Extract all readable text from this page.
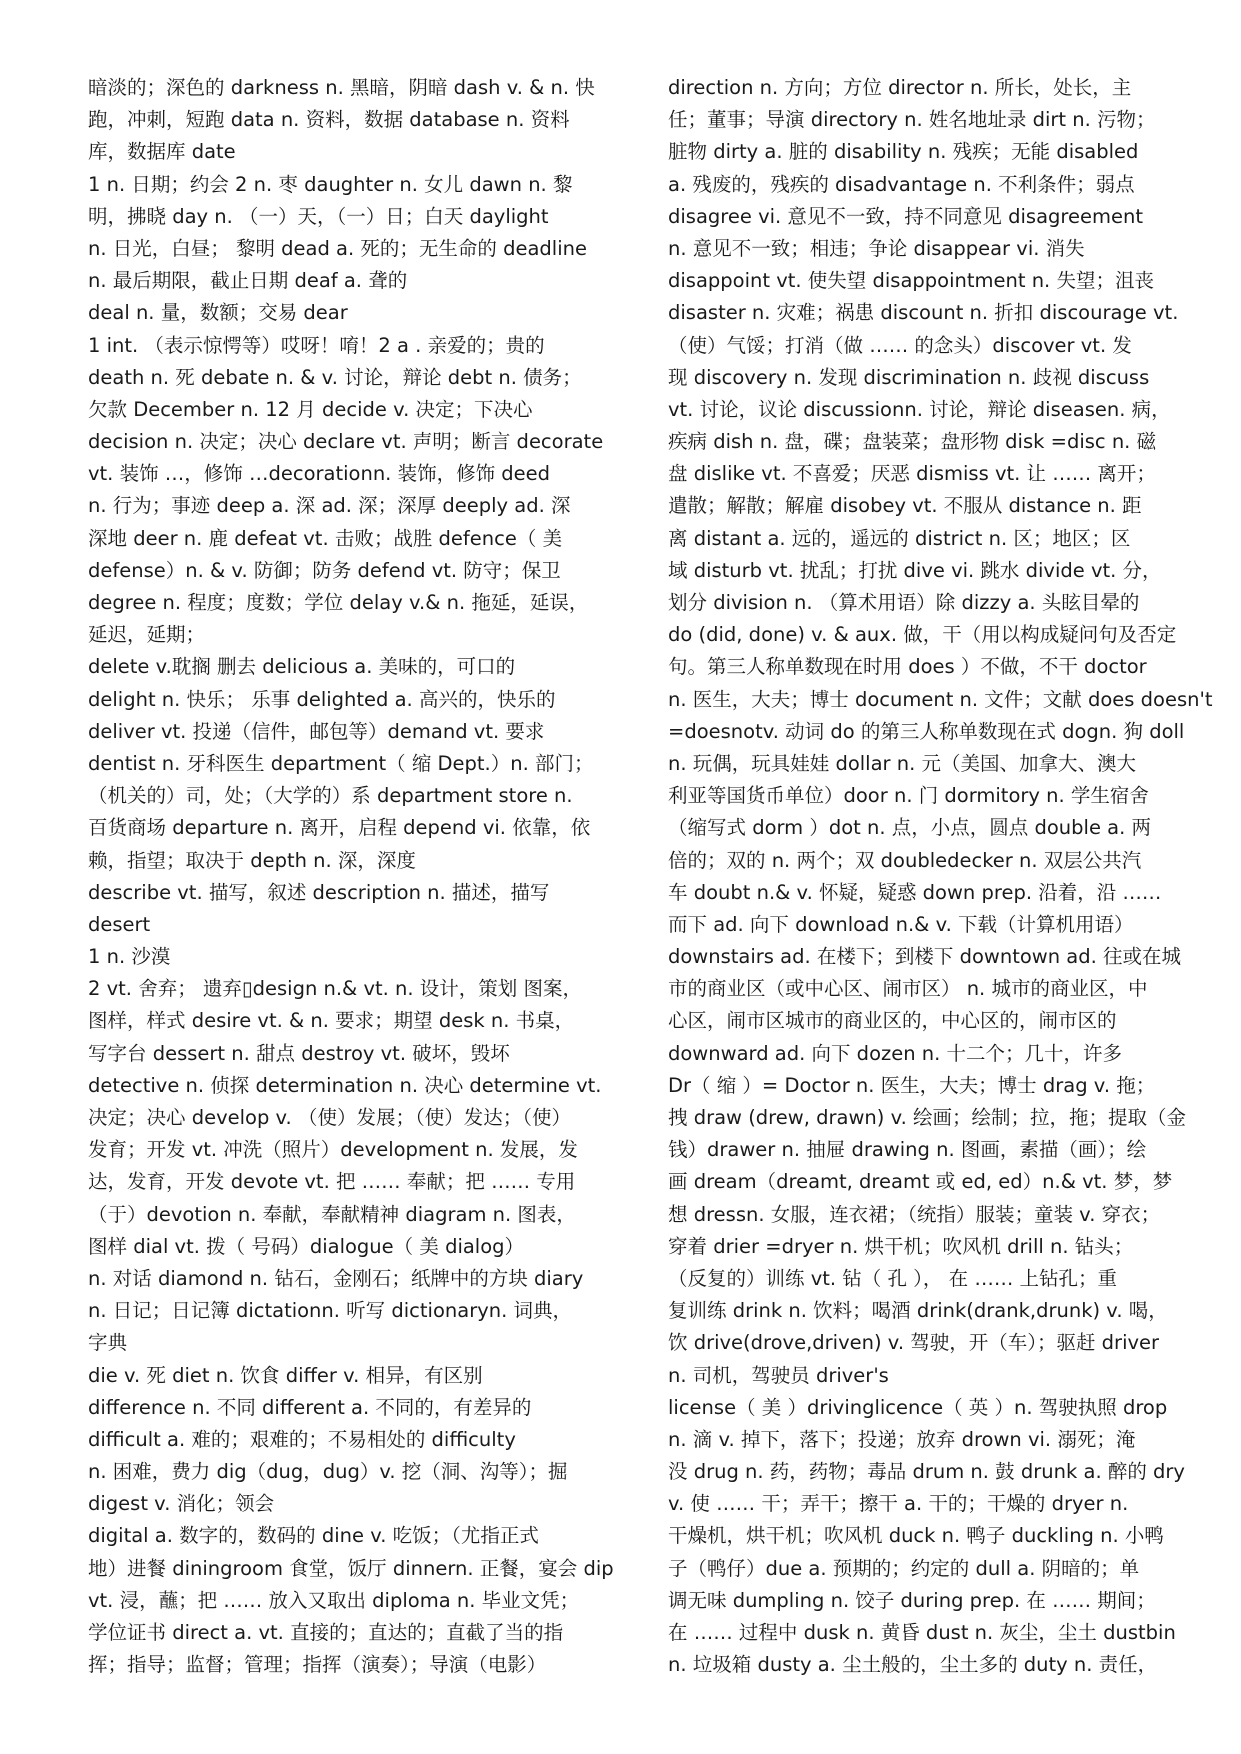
暗淡的；深色的 darkness n. 黑暗，阴暗 dash v. & n. 快
跑，冲刺，短跑 data n. 资料，数据 database n. 资料
库，数据库 date
1 n. 日期；约会 2 n. 枣 daughter n. 女儿 dawn n. 黎
明，拂晓 day n. （一）天，（一）日；白天 daylight
n. 日光，白昼； 黎明 dead a. 死的；无生命的 deadline
n. 最后期限，截止日期 deaf a. 聋的
deal n. 量，数额；交易 dear
1 int. （表示惊愕等）哎呀！唷！2 a . 亲爱的；贵的
death n. 死 debate n. & v. 讨论，辩论 debt n. 债务；
欠款 December n. 12 月 decide v. 决定；下决心
decision n. 决定；决心 declare vt. 声明；断言 decorate
vt. 装饰 …，修饰 …decorationn. 装饰，修饰 deed
n. 行为；事迹 deep a. 深 ad. 深；深厚 deeply ad. 深
深地 deer n. 鹿 defeat vt. 击败；战胜 defence（ 美
defense）n. & v. 防御；防务 defend vt. 防守；保卫
degree n. 程度；度数；学位 delay v.& n. 拖延，延误，
延迟，延期；
delete v.耽搁 删去 delicious a. 美味的，可口的
delight n. 快乐； 乐事 delighted a. 高兴的，快乐的
deliver vt. 投递（信件，邮包等）demand vt. 要求
dentist n. 牙科医生 department（ 缩 Dept.）n. 部门；
（机关的）司，处；（大学的）系 department store n.
百货商场 departure n. 离开，启程 depend vi. 依靠，依
赖，指望；取决于 depth n. 深，深度
describe vt. 描写，叙述 description n. 描述，描写
desert
1 n. 沙漠
2 vt. 舍弃； 遗弃▯design n.& vt. n. 设计，策划 图案，
图样，样式 desire vt. & n. 要求；期望 desk n. 书桌，
写字台 dessert n. 甜点 destroy vt. 破坏，毁坏
detective n. 侦探 determination n. 决心 determine vt.
决定；决心 develop v. （使）发展；（使）发达；（使）
发育；开发 vt. 冲洗（照片）development n. 发展，发
达，发育，开发 devote vt. 把 …… 奉献；把 …… 专用
（于）devotion n. 奉献，奉献精神 diagram n. 图表，
图样 dial vt. 拨（ 号码）dialogue（ 美 dialog）
n. 对话 diamond n. 钻石，金刚石；纸牌中的方块 diary
n. 日记；日记簿 dictationn. 听写 dictionaryn. 词典，
字典
die v. 死 diet n. 饮食 differ v. 相异，有区别
difference n. 不同 different a. 不同的，有差异的
difficult a. 难的；艰难的；不易相处的 difficulty
n. 困难，费力 dig（dug，dug）v. 挖（洞、沟等）；掘
digest v. 消化；领会
digital a. 数字的，数码的 dine v. 吃饭；（尤指正式
地）进餐 diningroom 食堂，饭厅 dinnern. 正餐，宴会 dip
vt. 浸，蘸；把 …… 放入又取出 diploma n. 毕业文凭；
学位证书 direct a. vt. 直接的；直达的；直截了当的指
挥；指导；监督；管理；指挥（演奏）；导演（电影）
direction n. 方向；方位 director n. 所长，处长，主
任；董事；导演 directory n. 姓名地址录 dirt n. 污物；
脏物 dirty a. 脏的 disability n. 残疾；无能 disabled
a. 残废的，残疾的 disadvantage n. 不利条件；弱点
disagree vi. 意见不一致，持不同意见 disagreement
n. 意见不一致；相违；争论 disappear vi. 消失
disappoint vt. 使失望 disappointment n. 失望；沮丧
disaster n. 灾难；祸患 discount n. 折扣 discourage vt.
（使）气馁；打消（做 …… 的念头）discover vt. 发
现 discovery n. 发现 discrimination n. 歧视 discuss
vt. 讨论，议论 discussionn. 讨论，辩论 diseasen. 病，
疾病 dish n. 盘，碟；盘装菜；盘形物 disk =disc n. 磁
盘 dislike vt. 不喜爱；厌恶 dismiss vt. 让 …… 离开；
遣散；解散；解雇 disobey vt. 不服从 distance n. 距
离 distant a. 远的，遥远的 district n. 区；地区；区
域 disturb vt. 扰乱；打扰 dive vi. 跳水 divide vt. 分，
划分 division n. （算术用语）除 dizzy a. 头眩目晕的
do (did, done) v. & aux. 做，干（用以构成疑问句及否定
句。第三人称单数现在时用 does ）不做，不干 doctor
n. 医生，大夫；博士 document n. 文件；文献 does doesn't
=doesnotv. 动词 do 的第三人称单数现在式 dogn. 狗 doll
n. 玩偶，玩具娃娃 dollar n. 元（美国、加拿大、澳大
利亚等国货币单位）door n. 门 dormitory n. 学生宿舍
（缩写式 dorm ）dot n. 点，小点，圆点 double a. 两
倍的；双的 n. 两个；双 doubledecker n. 双层公共汽
车 doubt n.& v. 怀疑，疑惑 down prep. 沿着，沿 ……
而下 ad. 向下 download n.& v. 下载（计算机用语）
downstairs ad. 在楼下；到楼下 downtown ad. 往或在城
市的商业区（或中心区、闹市区） n. 城市的商业区，中
心区，闹市区城市的商业区的，中心区的，闹市区的
downward ad. 向下 dozen n. 十二个；几十，许多
Dr（ 缩 ）= Doctor n. 医生，大夫；博士 drag v. 拖；
拽 draw (drew, drawn) v. 绘画；绘制；拉，拖；提取（金
钱）drawer n. 抽屉 drawing n. 图画，素描（画）；绘
画 dream（dreamt, dreamt 或 ed, ed）n.& vt. 梦，梦
想 dressn. 女服，连衣裙；（统指）服装；童装 v. 穿衣；
穿着 drier =dryer n. 烘干机；吹风机 drill n. 钻头；
（反复的）训练 vt. 钻（ 孔 ）， 在 …… 上钻孔；重
复训练 drink n. 饮料；喝酒 drink(drank,drunk) v. 喝，
饮 drive(drove,driven) v. 驾驶，开（车）；驱赶 driver
n. 司机，驾驶员 driver's
license（ 美 ）drivinglicence（ 英 ）n. 驾驶执照 drop
n. 滴 v. 掉下，落下；投递；放弃 drown vi. 溺死；淹
没 drug n. 药，药物；毒品 drum n. 鼓 drunk a. 醉的 dry
v. 使 …… 干；弄干；擦干 a. 干的；干燥的 dryer n.
干燥机，烘干机；吹风机 duck n. 鸭子 duckling n. 小鸭
子（鸭仔）due a. 预期的；约定的 dull a. 阴暗的；单
调无味 dumpling n. 饺子 during prep. 在 …… 期间；
在 …… 过程中 dusk n. 黄昏 dust n. 灰尘，尘土 dustbin
n. 垃圾箱 dusty a. 尘土般的，尘土多的 duty n. 责任，
